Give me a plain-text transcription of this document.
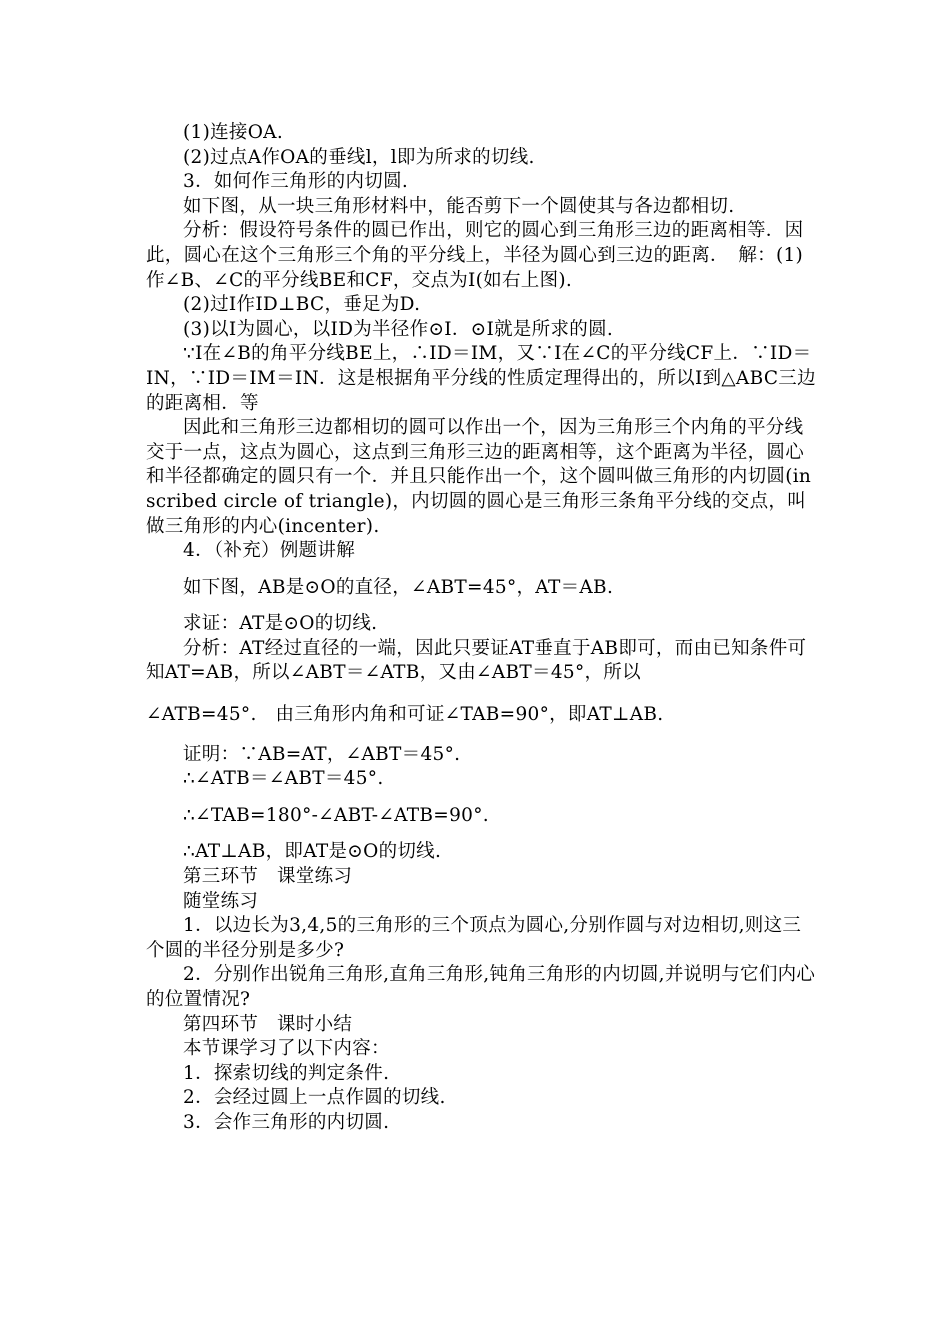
(1)连接OA.

(2)过点A作OA的垂线l，l即为所求的切线.

3．如何作三角形的内切圆.

如下图，从一块三角形材料中，能否剪下一个圆使其与各边都相切.

分析：假设符号条件的圆已作出，则它的圆心到三角形三边的距离相等．因此，圆心在这个三角形三个角的平分线上，半径为圆心到三边的距离．　解：(1)作∠B、∠C的平分线BE和CF，交点为I(如右上图).

(2)过I作ID⊥BC，垂足为D.

(3)以I为圆心，以ID为半径作⊙I．⊙I就是所求的圆.

∵I在∠B的角平分线BE上，∴ID＝IM，又∵I在∠C的平分线CF上．∵ID＝IN，∵ID＝IM＝IN．这是根据角平分线的性质定理得出的，所以I到△ABC三边的距离相．等

因此和三角形三边都相切的圆可以作出一个，因为三角形三个内角的平分线交于一点，这点为圆心，这点到三角形三边的距离相等，这个距离为半径，圆心和半径都确定的圆只有一个．并且只能作出一个，这个圆叫做三角形的内切圆(inscribed circle of triangle)，内切圆的圆心是三角形三条角平分线的交点，叫做三角形的内心(incenter).

4．（补充）例题讲解

如下图，AB是⊙O的直径，∠ABT=45°，AT＝AB.

求证：AT是⊙O的切线.

分析：AT经过直径的一端，因此只要证AT垂直于AB即可，而由已知条件可知AT=AB，所以∠ABT＝∠ATB，又由∠ABT＝45°，所以

∠ATB=45°.　由三角形内角和可证∠TAB=90°，即AT⊥AB.

证明：∵AB=AT，∠ABT＝45°.

∴∠ATB＝∠ABT＝45°.

∴∠TAB=180°-∠ABT-∠ATB=90°.

∴AT⊥AB，即AT是⊙O的切线.

第三环节　课堂练习

随堂练习

1．以边长为3,4,5的三角形的三个顶点为圆心,分别作圆与对边相切,则这三个圆的半径分别是多少?

2．分别作出锐角三角形,直角三角形,钝角三角形的内切圆,并说明与它们内心的位置情况?

第四环节　课时小结

本节课学习了以下内容：

1．探索切线的判定条件.

2．会经过圆上一点作圆的切线.

3．会作三角形的内切圆.
